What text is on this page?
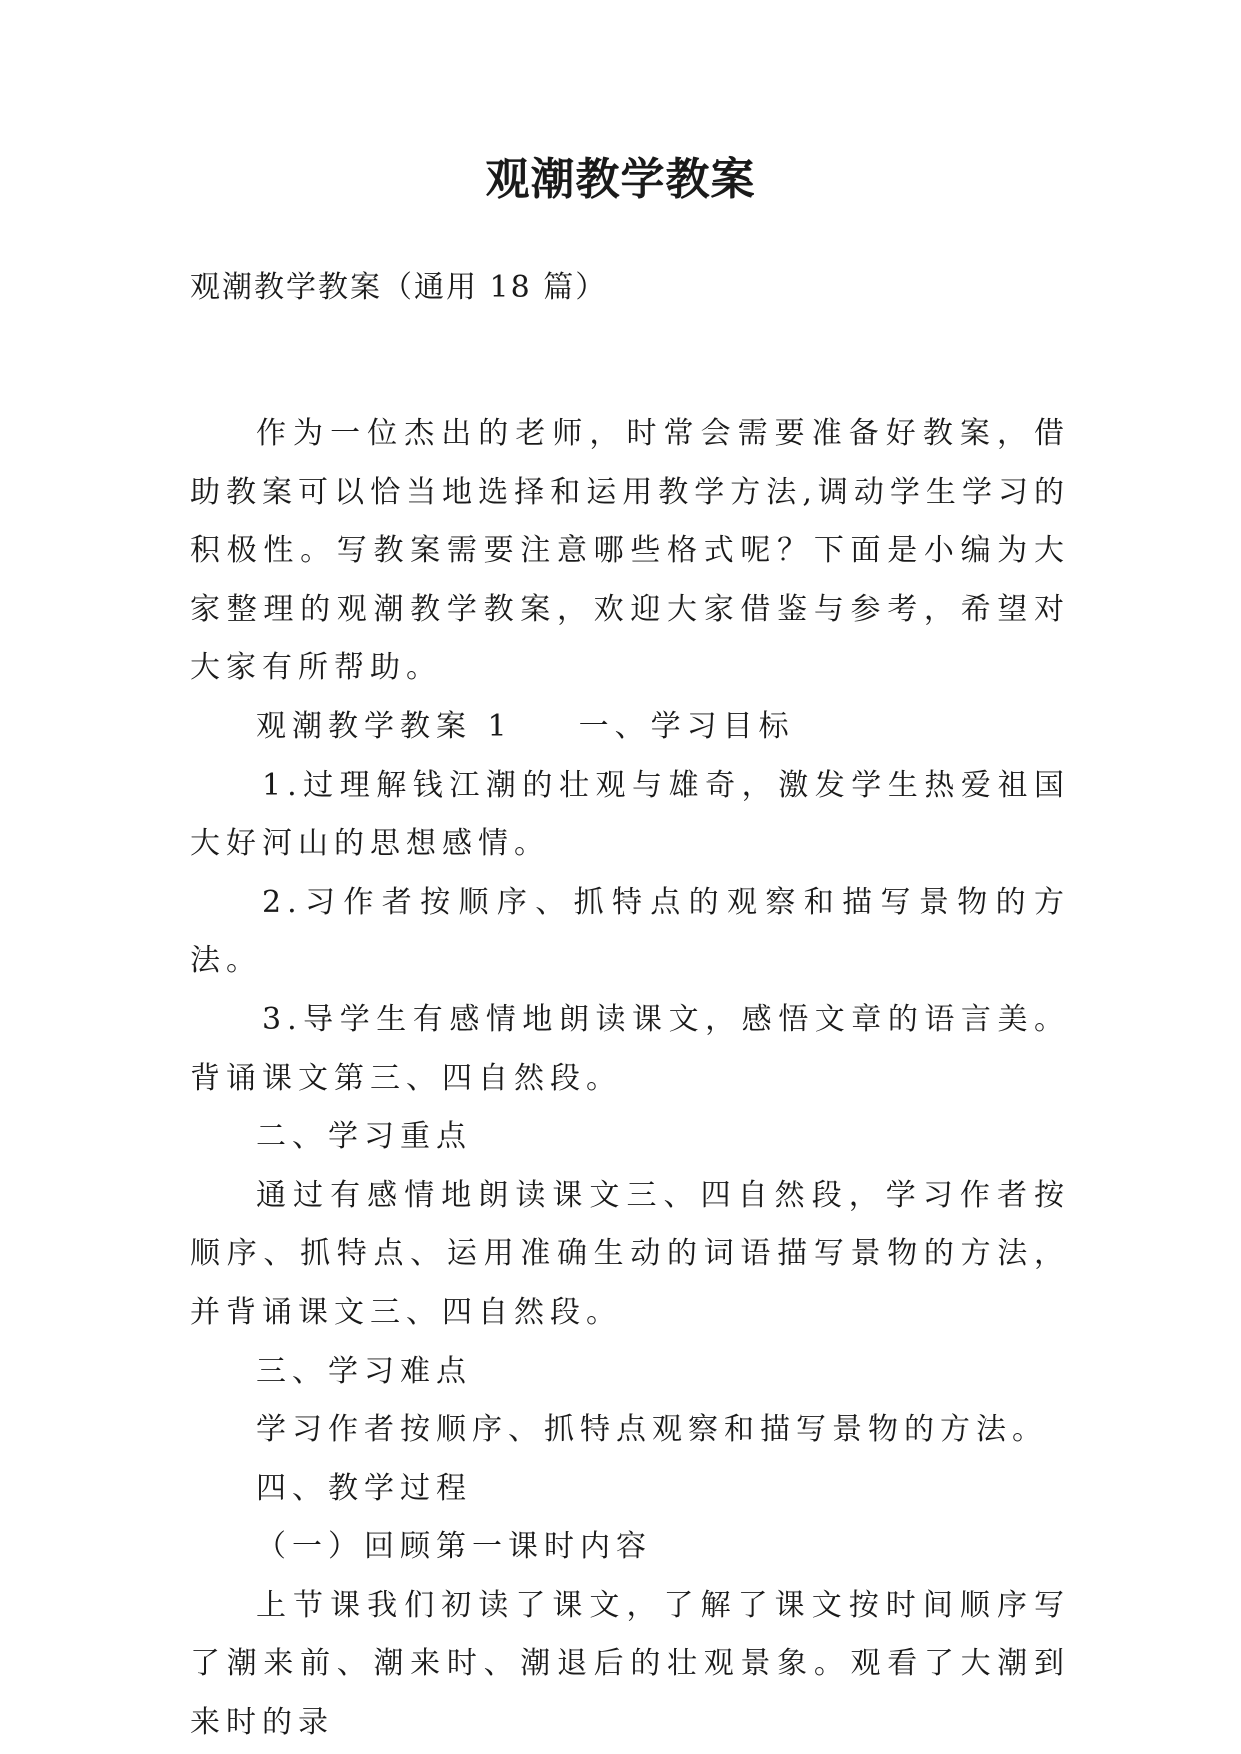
观潮教学教案
观潮教学教案（通用 18 篇）

作为一位杰出的老师，时常会需要准备好教案，借助教案可以恰当地选择和运用教学方法,调动学生学习的积极性。写教案需要注意哪些格式呢？下面是小编为大家整理的观潮教学教案，欢迎大家借鉴与参考，希望对大家有所帮助。

观潮教学教案 1 一、学习目标

1.过理解钱江潮的壮观与雄奇，激发学生热爱祖国大好河山的思想感情。

2.习作者按顺序、抓特点的观察和描写景物的方法。

3.导学生有感情地朗读课文，感悟文章的语言美。背诵课文第三、四自然段。

二、学习重点

通过有感情地朗读课文三、四自然段，学习作者按顺序、抓特点、运用准确生动的词语描写景物的方法，并背诵课文三、四自然段。

三、学习难点

学习作者按顺序、抓特点观察和描写景物的方法。

四、教学过程

（一）回顾第一课时内容

上节课我们初读了课文，了解了课文按时间顺序写了潮来前、潮来时、潮退后的壮观景象。观看了大潮到来时的录
